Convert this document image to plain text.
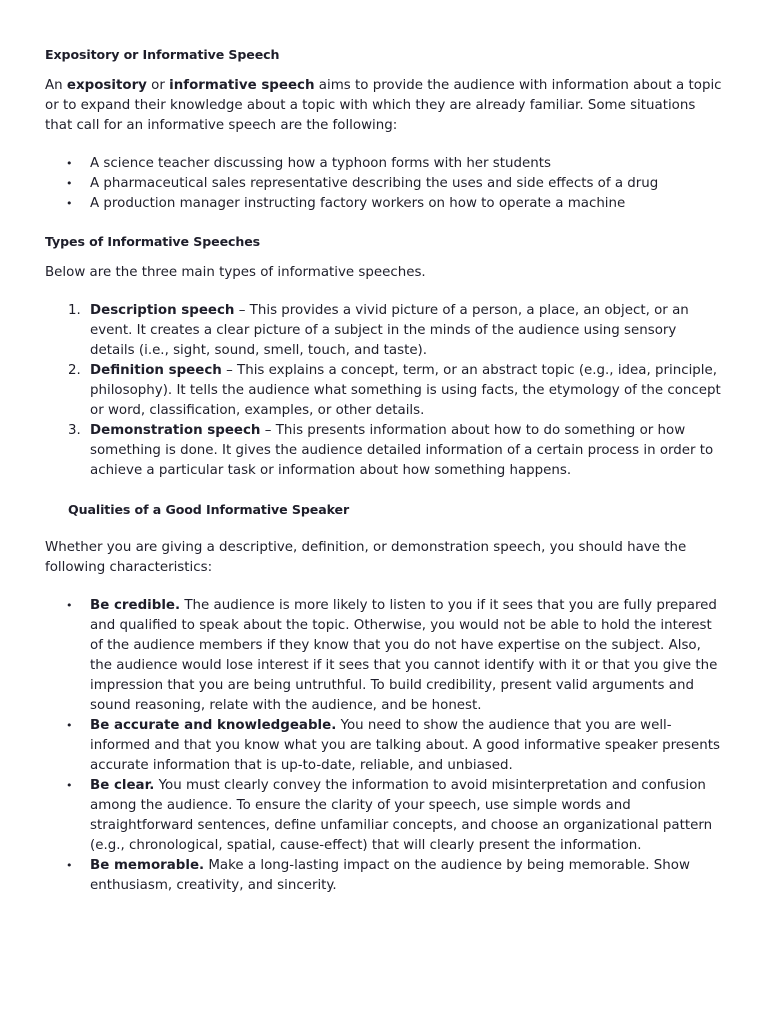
Expository or Informative Speech

An expository or informative speech aims to provide the audience with information about a topic or to expand their knowledge about a topic with which they are already familiar. Some situations that call for an informative speech are the following:

• A science teacher discussing how a typhoon forms with her students
• A pharmaceutical sales representative describing the uses and side effects of a drug
• A production manager instructing factory workers on how to operate a machine
Types of Informative Speeches

Below are the three main types of informative speeches.

1. Description speech – This provides a vivid picture of a person, a place, an object, or an event. It creates a clear picture of a subject in the minds of the audience using sensory details (i.e., sight, sound, smell, touch, and taste).
2. Definition speech – This explains a concept, term, or an abstract topic (e.g., idea, principle, philosophy). It tells the audience what something is using facts, the etymology of the concept or word, classification, examples, or other details.
3. Demonstration speech – This presents information about how to do something or how something is done. It gives the audience detailed information of a certain process in order to achieve a particular task or information about how something happens.
Qualities of a Good Informative Speaker

Whether you are giving a descriptive, definition, or demonstration speech, you should have the following characteristics:

• Be credible. The audience is more likely to listen to you if it sees that you are fully prepared and qualified to speak about the topic. Otherwise, you would not be able to hold the interest of the audience members if they know that you do not have expertise on the subject. Also, the audience would lose interest if it sees that you cannot identify with it or that you give the impression that you are being untruthful. To build credibility, present valid arguments and sound reasoning, relate with the audience, and be honest.
• Be accurate and knowledgeable. You need to show the audience that you are well-informed and that you know what you are talking about. A good informative speaker presents accurate information that is up-to-date, reliable, and unbiased.
• Be clear. You must clearly convey the information to avoid misinterpretation and confusion among the audience. To ensure the clarity of your speech, use simple words and straightforward sentences, define unfamiliar concepts, and choose an organizational pattern (e.g., chronological, spatial, cause-effect) that will clearly present the information.
• Be memorable. Make a long-lasting impact on the audience by being memorable. Show enthusiasm, creativity, and sincerity.
